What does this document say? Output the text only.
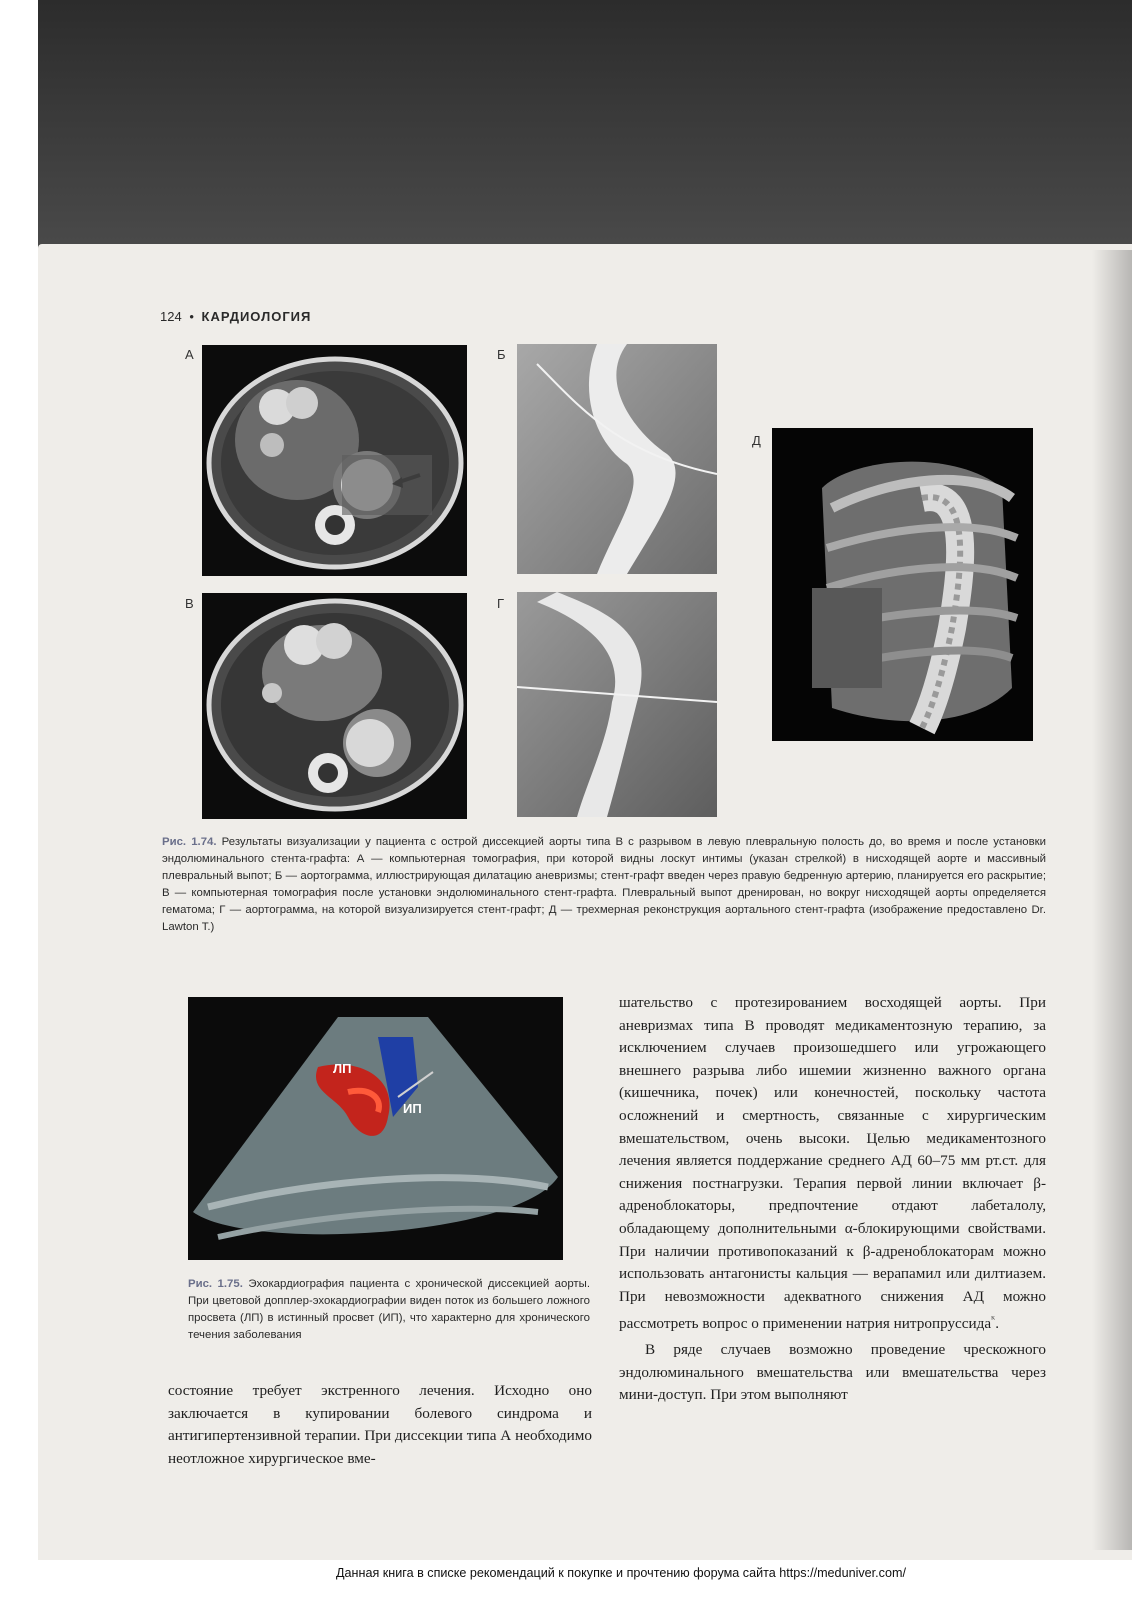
124 • КАРДИОЛОГИЯ
А	Б
В	Г
Д
Рис. 1.74. Результаты визуализации у пациента с острой диссекцией аорты типа В с разрывом в левую плевральную полость до, во время и после установки эндолюминального стента-графта: А — компьютерная томография, при которой видны лоскут интимы (указан стрелкой) в нисходящей аорте и массивный плевральный выпот; Б — аортограмма, иллюстрирующая дилатацию аневризмы; стент-графт введен через правую бедренную артерию, планируется его раскрытие; В — компьютерная томография после установки эндолюминального стент-графта. Плевральный выпот дренирован, но вокруг нисходящей аорты определяется гематома; Г — аортограмма, на которой визуализируется стент-графт; Д — трехмерная реконструкция аортального стент-графта (изображение предоставлено Dr. Lawton T.)
ЛП
ИП
Рис. 1.75. Эхокардиография пациента с хронической диссекцией аорты. При цветовой допплер-эхокардиографии виден поток из большего ложного просвета (ЛП) в истинный просвет (ИП), что характерно для хронического течения заболевания
состояние требует экстренного лечения. Исходно оно заключается в купировании болевого синдрома и антигипертензивной терапии. При диссекции типа А необходимо неотложное хирургическое вме-
шательство с протезированием восходящей аорты. При аневризмах типа В проводят медикаментозную терапию, за исключением случаев произошедшего или угрожающего внешнего разрыва либо ишемии жизненно важного органа (кишечника, почек) или конечностей, поскольку частота осложнений и смертность, связанные с хирургическим вмешательством, очень высоки. Целью медикаментозного лечения является поддержание среднего АД 60–75 мм рт.ст. для снижения постнагрузки. Терапия первой линии включает β-адреноблокаторы, предпочтение отдают лабеталолу, обладающему дополнительными α-блокирующими свойствами. При наличии противопоказаний к β-адреноблокаторам можно использовать антагонисты кальция — верапамил или дилтиазем. При невозможности адекватного снижения АД можно рассмотреть вопрос о применении натрия нитропруссида$^ᴷ$.
В ряде случаев возможно проведение чрескожного эндолюминального вмешательства или вмешательства через мини-доступ. При этом выполняют
Данная книга в списке рекомендаций к покупке и прочтению форума сайта https://meduniver.com/
